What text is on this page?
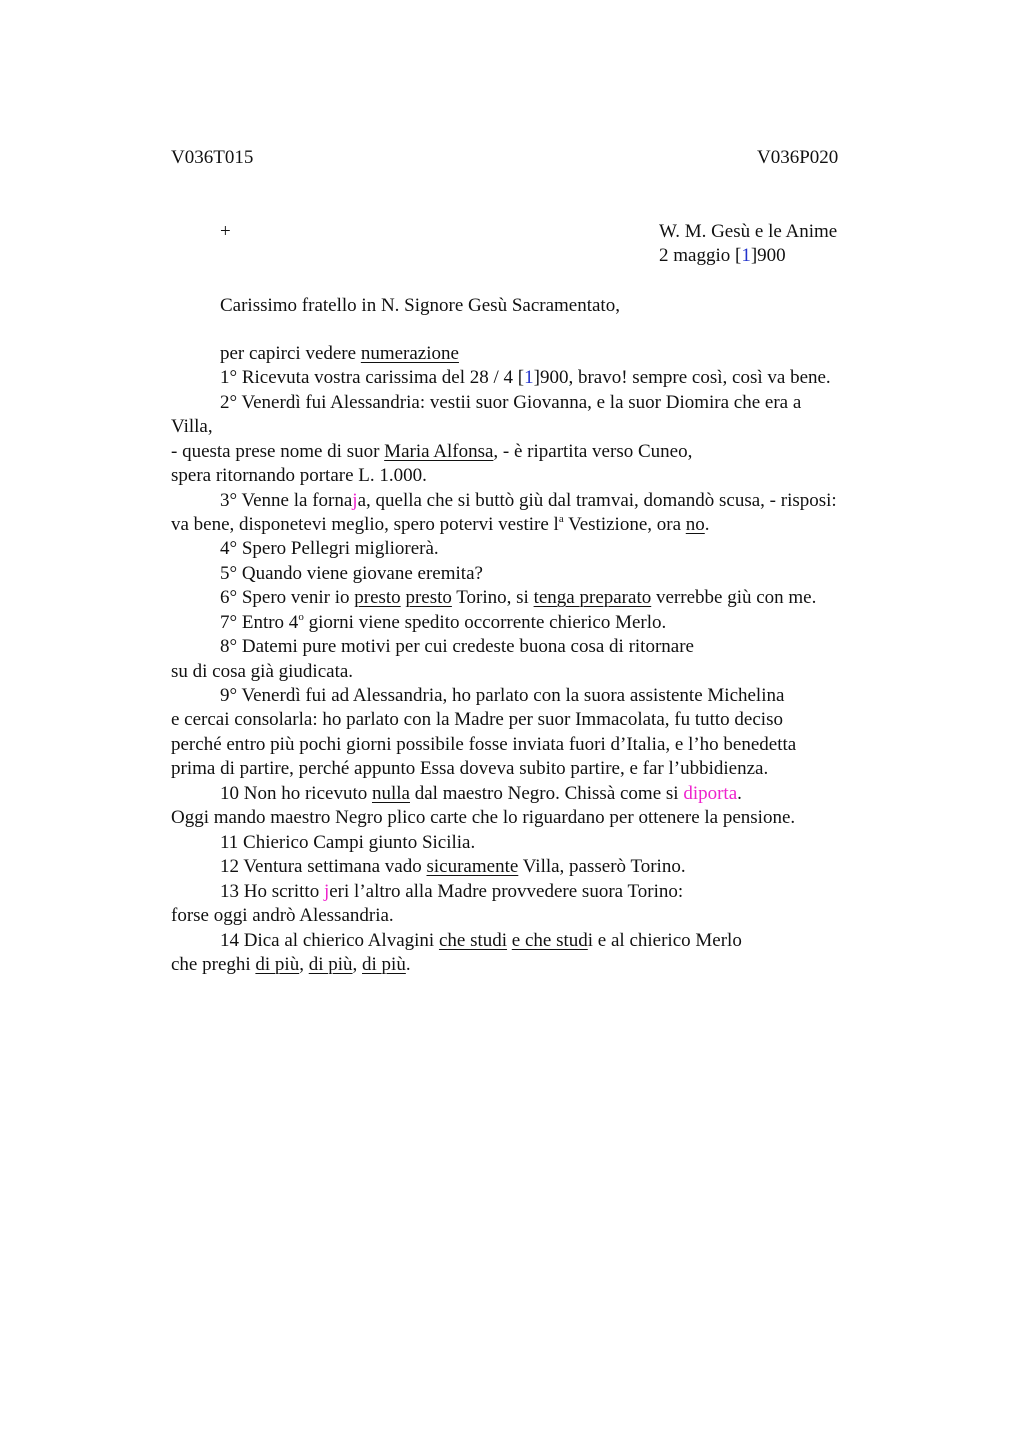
V036T015	V036P020
+	W. M. Gesù e le Anime
2 maggio [1]900
Carissimo fratello in N. Signore Gesù Sacramentato,
per capirci vedere numerazione
1° Ricevuta vostra carissima del 28 / 4 [1]900, bravo! sempre così, così va bene.
2° Venerdì fui Alessandria: vestii suor Giovanna, e la suor Diomira che era a
Villa,
- questa prese nome di suor Maria Alfonsa, - è ripartita verso Cuneo,
spera ritornando portare L. 1.000.
3° Venne la fornaja, quella che si buttò giù dal tramvai, domandò scusa, - risposi:
va bene, disponetevi meglio, spero potervi vestire $l^a$ Vestizione, ora no.
4° Spero Pellegri migliorerà.
5° Quando viene giovane eremita?
6° Spero venir io presto presto Torino, si tenga preparato verrebbe giù con me.
7° Entro 4$^o$ giorni viene spedito occorrente chierico Merlo.
8° Datemi pure motivi per cui credeste buona cosa di ritornare
su di cosa già giudicata.
9° Venerdì fui ad Alessandria, ho parlato con la suora assistente Michelina
e cercai consolarla: ho parlato con la Madre per suor Immacolata, fu tutto deciso
perché entro più pochi giorni possibile fosse inviata fuori d’Italia, e l’ho benedetta
prima di partire, perché appunto Essa doveva subito partire, e far l’ubbidienza.
10 Non ho ricevuto nulla dal maestro Negro. Chissà come si diporta.
Oggi mando maestro Negro plico carte che lo riguardano per ottenere la pensione.
11 Chierico Campi giunto Sicilia.
12 Ventura settimana vado sicuramente Villa, passerò Torino.
13 Ho scritto jeri l’altro alla Madre provvedere suora Torino:
forse oggi andrò Alessandria.
14 Dica al chierico Alvagini che studi e che studi e al chierico Merlo
che preghi di più, di più, di più.
